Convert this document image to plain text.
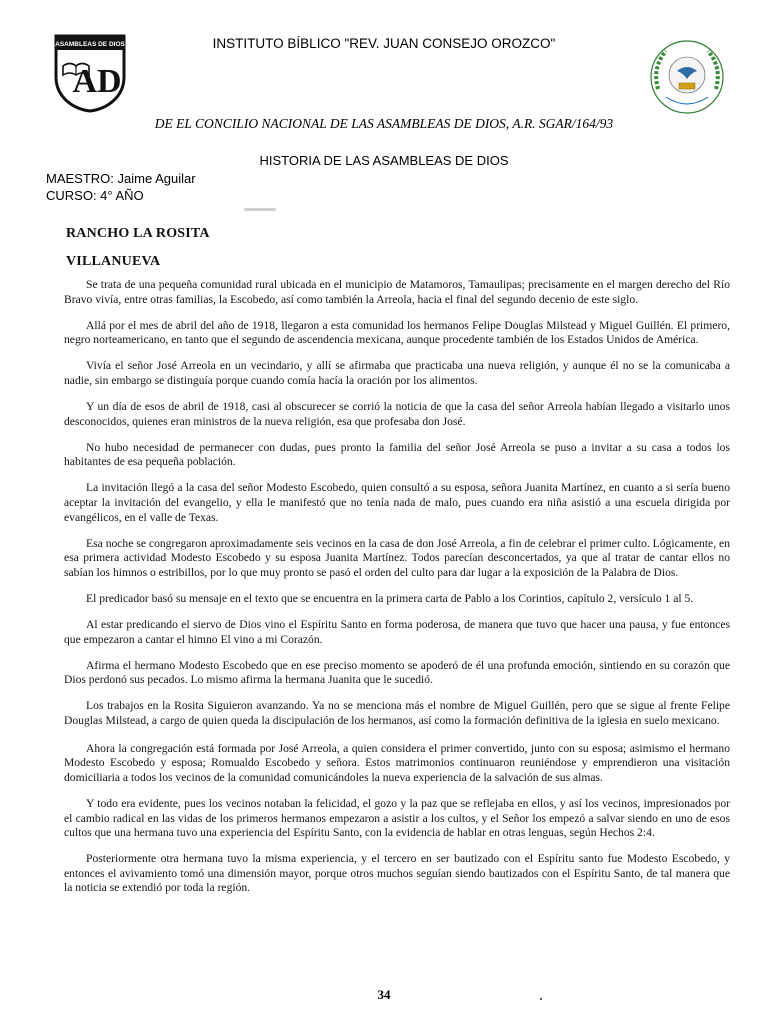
ASAMBLEAS DE DIOS
AD
INSTITUTO BÍBLICO "REV. JUAN CONSEJO OROZCO"
DE EL CONCILIO NACIONAL DE LAS ASAMBLEAS DE DIOS, A.R. SGAR/164/93
HISTORIA DE LAS ASAMBLEAS DE DIOS
MAESTRO: Jaime Aguilar
CURSO: 4° AÑO
RANCHO LA ROSITA
VILLANUEVA

Se trata de una pequeña comunidad rural ubicada en el municipio de Matamoros, Tamaulipas; precisamente en el margen derecho del Río Bravo vivía, entre otras familias, la Escobedo, así como también la Arreola, hacia el final del segundo decenio de este siglo.

Allá por el mes de abril del año de 1918, llegaron a esta comunidad los hermanos Felipe Douglas Milstead y Miguel Guillén. El primero, negro norteamericano, en tanto que el segundo de ascendencia mexicana, aunque procedente también de los Estados Unidos de América.

Vivía el señor José Arreola en un vecindario, y allí se afirmaba que practicaba una nueva religión, y aunque él no se la comunicaba a nadie, sin embargo se distinguía porque cuando comía hacía la oración por los alimentos.

Y un día de esos de abril de 1918, casi al obscurecer se corrió la noticia de que la casa del señor Arreola habían llegado a visitarlo unos desconocidos, quienes eran ministros de la nueva religión, esa que profesaba don José.

No hubo necesidad de permanecer con dudas, pues pronto la familia del señor José Arreola se puso a invitar a su casa a todos los habitantes de esa pequeña población.

La invitación llegó a la casa del señor Modesto Escobedo, quien consultó a su esposa, señora Juanita Martínez, en cuanto a si sería bueno aceptar la invitación del evangelio, y ella le manifestó que no tenía nada de malo, pues cuando era niña asistió a una escuela dirigida por evangélicos, en el valle de Texas.

Esa noche se congregaron aproximadamente seis vecinos en la casa de don José Arreola, a fin de celebrar el primer culto. Lógicamente, en esa primera actividad Modesto Escobedo y su esposa Juanita Martínez. Todos parecían desconcertados, ya que al tratar de cantar ellos no sabían los himnos o estribillos, por lo que muy pronto se pasó el orden del culto para dar lugar a la exposición de la Palabra de Dios.

El predicador basó su mensaje en el texto que se encuentra en la primera carta de Pablo a los Corintios, capítulo 2, versículo 1 al 5.

Al estar predicando el siervo de Dios vino el Espíritu Santo en forma poderosa, de manera que tuvo que hacer una pausa, y fue entonces que empezaron a cantar el himno El vino a mi Corazón.

Afirma el hermano Modesto Escobedo que en ese preciso momento se apoderó de él una profunda emoción, sintiendo en su corazón que Dios perdonó sus pecados. Lo mismo afirma la hermana Juanita que le sucedió.

Los trabajos en la Rosita Siguieron avanzando. Ya no se menciona más el nombre de Miguel Guillén, pero que se sigue al frente Felipe Douglas Milstead, a cargo de quien queda la discipulación de los hermanos, así como la formación definitiva de la iglesia en suelo mexicano.

Ahora la congregación está formada por José Arreola, a quien considera el primer convertido, junto con su esposa; asimismo el hermano Modesto Escobedo y esposa; Romualdo Escobedo y señora. Estos matrimonios continuaron reuniéndose y emprendieron una visitación domiciliaria a todos los vecinos de la comunidad comunicándoles la nueva experiencia de la salvación de sus almas.

Y todo era evidente, pues los vecinos notaban la felicidad, el gozo y la paz que se reflejaba en ellos, y así los vecinos, impresionados por el cambio radical en las vidas de los primeros hermanos empezaron a asistir a los cultos, y el Señor los empezó a salvar siendo en uno de esos cultos que una hermana tuvo una experiencia del Espíritu Santo, con la evidencia de hablar en otras lenguas, según Hechos 2:4.

Posteriormente otra hermana tuvo la misma experiencia, y el tercero en ser bautizado con el Espíritu santo fue Modesto Escobedo, y entonces el avivamiento tomó una dimensión mayor, porque otros muchos seguían siendo bautizados con el Espíritu Santo, de tal manera que la noticia se extendió por toda la región.

34
